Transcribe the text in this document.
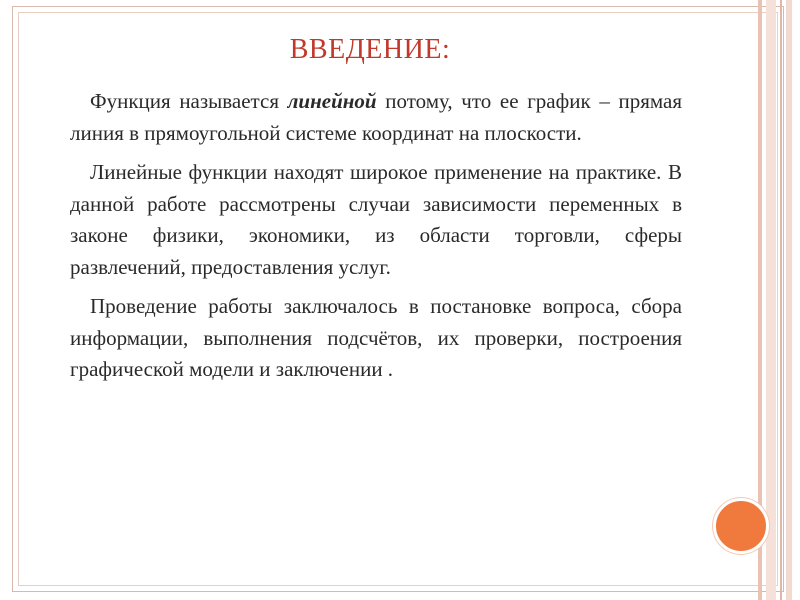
ВВЕДЕНИЕ:

Функция называется линейной потому, что ее график – прямая линия в прямоугольной системе координат на плоскости.

Линейные функции находят широкое применение на практике. В данной работе рассмотрены случаи зависимости переменных в законе физики, экономики, из области торговли, сферы развлечений, предоставления услуг.

Проведение работы заключалось в постановке вопроса, сбора информации, выполнения подсчётов, их проверки, построения графической модели и заключении .
